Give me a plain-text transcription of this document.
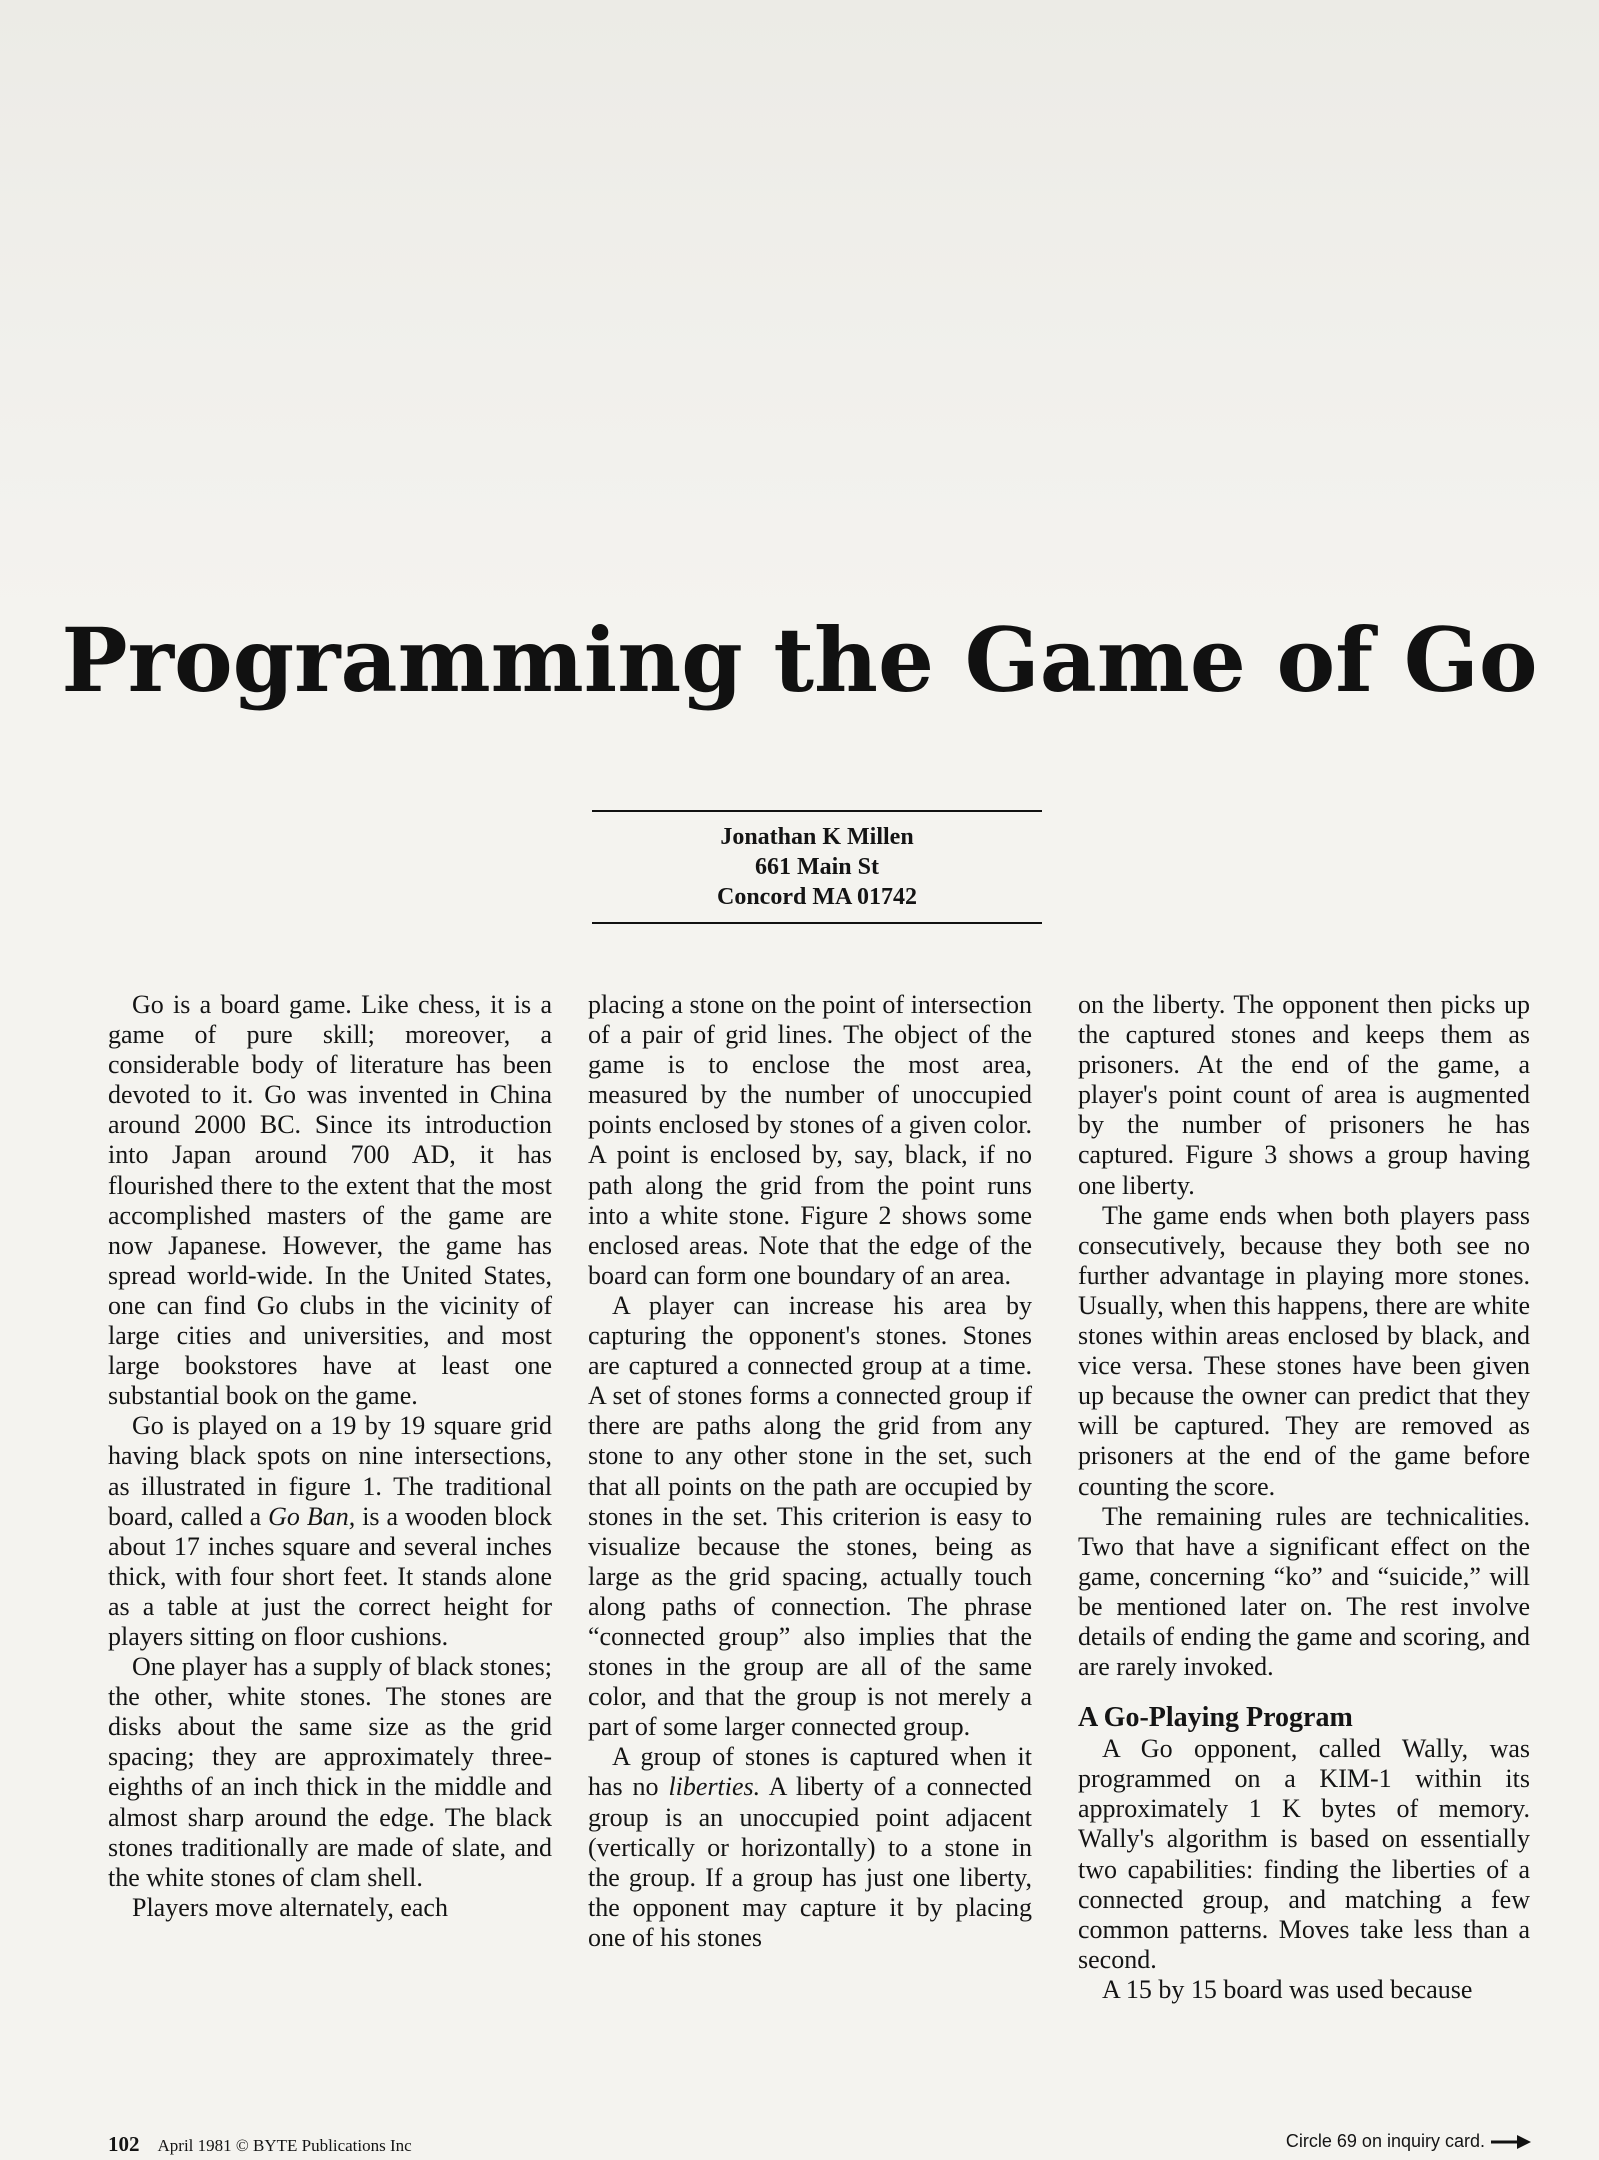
Programming the Game of Go
Jonathan K Millen
661 Main St
Concord MA 01742

Go is a board game. Like chess, it is a game of pure skill; moreover, a considerable body of literature has been devoted to it. Go was invented in China around 2000 BC. Since its introduction into Japan around 700 AD, it has flourished there to the extent that the most accomplished masters of the game are now Japanese. However, the game has spread world-wide. In the United States, one can find Go clubs in the vicinity of large cities and universities, and most large bookstores have at least one substantial book on the game.

Go is played on a 19 by 19 square grid having black spots on nine intersections, as illustrated in figure 1. The traditional board, called a Go Ban, is a wooden block about 17 inches square and several inches thick, with four short feet. It stands alone as a table at just the correct height for players sitting on floor cushions.

One player has a supply of black stones; the other, white stones. The stones are disks about the same size as the grid spacing; they are approximately three-eighths of an inch thick in the middle and almost sharp around the edge. The black stones traditionally are made of slate, and the white stones of clam shell.

Players move alternately, each

placing a stone on the point of intersection of a pair of grid lines. The object of the game is to enclose the most area, measured by the number of unoccupied points enclosed by stones of a given color. A point is enclosed by, say, black, if no path along the grid from the point runs into a white stone. Figure 2 shows some enclosed areas. Note that the edge of the board can form one boundary of an area.

A player can increase his area by capturing the opponent's stones. Stones are captured a connected group at a time. A set of stones forms a connected group if there are paths along the grid from any stone to any other stone in the set, such that all points on the path are occupied by stones in the set. This criterion is easy to visualize because the stones, being as large as the grid spacing, actually touch along paths of connection. The phrase “connected group” also implies that the stones in the group are all of the same color, and that the group is not merely a part of some larger connected group.

A group of stones is captured when it has no liberties. A liberty of a connected group is an unoccupied point adjacent (vertically or horizontally) to a stone in the group. If a group has just one liberty, the opponent may capture it by placing one of his stones

on the liberty. The opponent then picks up the captured stones and keeps them as prisoners. At the end of the game, a player's point count of area is augmented by the number of prisoners he has captured. Figure 3 shows a group having one liberty.

The game ends when both players pass consecutively, because they both see no further advantage in playing more stones. Usually, when this happens, there are white stones within areas enclosed by black, and vice versa. These stones have been given up because the owner can predict that they will be captured. They are removed as prisoners at the end of the game before counting the score.

The remaining rules are technicalities. Two that have a significant effect on the game, concerning “ko” and “suicide,” will be mentioned later on. The rest involve details of ending the game and scoring, and are rarely invoked.

A Go-Playing Program

A Go opponent, called Wally, was programmed on a KIM-1 within its approximately 1 K bytes of memory. Wally's algorithm is based on essentially two capabilities: finding the liberties of a connected group, and matching a few common patterns. Moves take less than a second.

A 15 by 15 board was used because

102 April 1981 © BYTE Publications Inc	Circle 69 on inquiry card.
